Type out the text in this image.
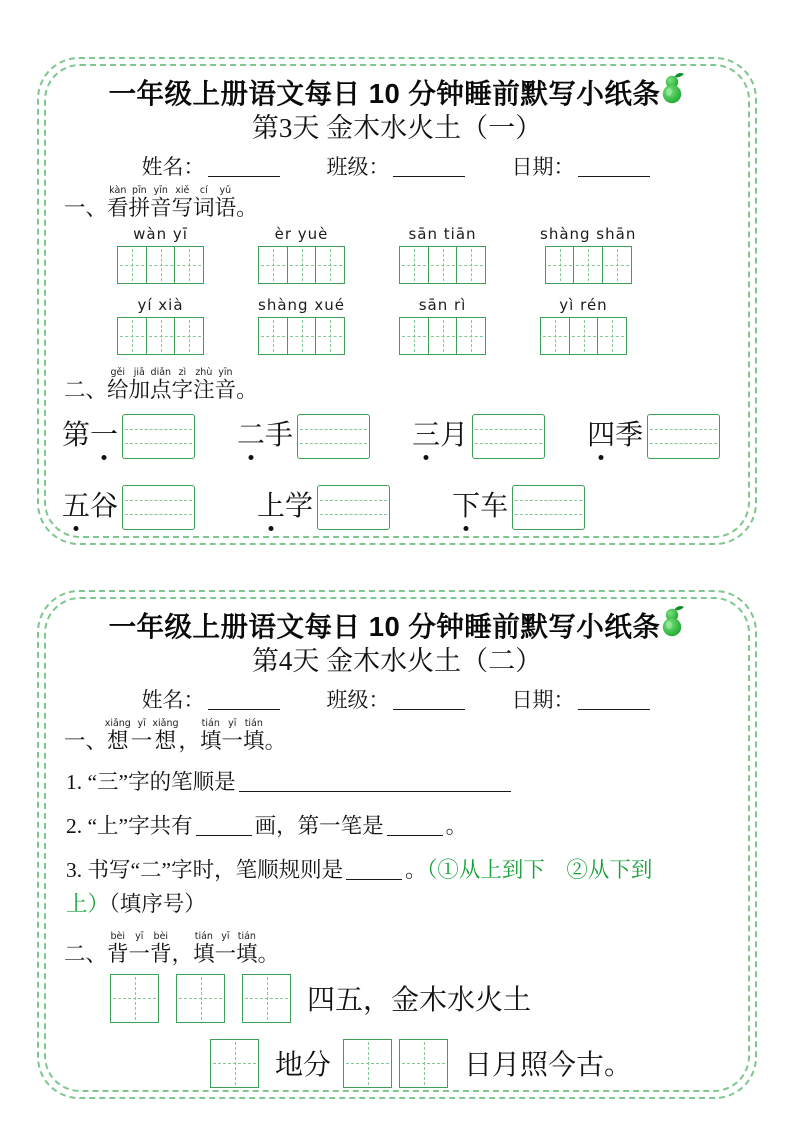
一年级上册语文每日 10 分钟睡前默写小纸条
第3天 金木水火土（一）
姓名：	班级：	日期：
一、看kàn拼pīn音yīn写xiě词cí语yǔ。
wàn yī	èr yuè	sān tiān	shàng shān
yí xià	shàng xué	sān rì	yì rén
二、给gěi加jiā点diǎn字zì注zhù音yīn。
第一	二手	三月	四季
五谷	上学	下车
一年级上册语文每日 10 分钟睡前默写小纸条
第4天 金木水火土（二）
姓名：	班级：	日期：
一、想xiǎng一yī想xiǎng，填tián一yī填tián。
1. “三”字的笔顺是
2. “上”字共有	画，第一笔是	。
3. 书写“二”字时，笔顺规则是	。（①从上到下　②从下到
上）（填序号）
二、背bèi一yī背bèi，填tián一yī填tián。
四五，金木水火土
地分	日月照今古。
